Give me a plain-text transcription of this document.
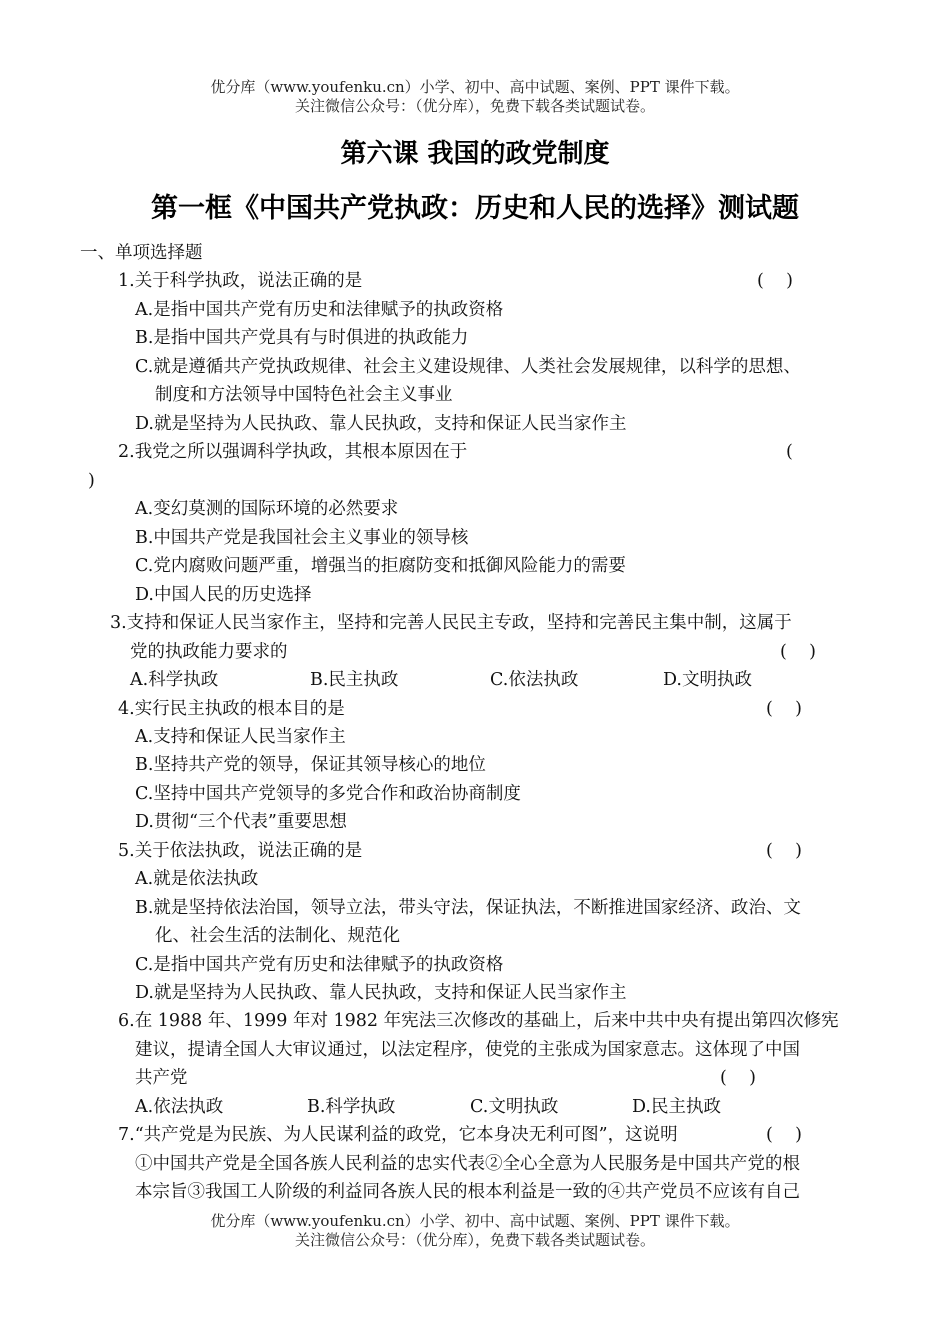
优分库（www.youfenku.cn）小学、初中、高中试题、案例、PPT 课件下载。
关注微信公众号：（优分库），免费下载各类试题试卷。
第六课 我国的政党制度
第一框《中国共产党执政：历史和人民的选择》测试题
一、单项选择题
1.关于科学执政，说法正确的是	(    )
A.是指中国共产党有历史和法律赋予的执政资格
B.是指中国共产党具有与时俱进的执政能力
C.就是遵循共产党执政规律、社会主义建设规律、人类社会发展规律，以科学的思想、
制度和方法领导中国特色社会主义事业
D.就是坚持为人民执政、靠人民执政，支持和保证人民当家作主
2.我党之所以强调科学执政，其根本原因在于	(
)
A.变幻莫测的国际环境的必然要求
B.中国共产党是我国社会主义事业的领导核
C.党内腐败问题严重，增强当的拒腐防变和抵御风险能力的需要
D.中国人民的历史选择
3.支持和保证人民当家作主，坚持和完善人民民主专政，坚持和完善民主集中制，这属于
党的执政能力要求的	(    )
A.科学执政	B.民主执政	C.依法执政	D.文明执政
4.实行民主执政的根本目的是	(    )
A.支持和保证人民当家作主
B.坚持共产党的领导，保证其领导核心的地位
C.坚持中国共产党领导的多党合作和政治协商制度
D.贯彻“三个代表”重要思想
5.关于依法执政，说法正确的是	(    )
A.就是依法执政
B.就是坚持依法治国，领导立法，带头守法，保证执法，不断推进国家经济、政治、文
化、社会生活的法制化、规范化
C.是指中国共产党有历史和法律赋予的执政资格
D.就是坚持为人民执政、靠人民执政，支持和保证人民当家作主
6.在 1988 年、1999 年对 1982 年宪法三次修改的基础上，后来中共中央有提出第四次修宪
建议，提请全国人大审议通过，以法定程序，使党的主张成为国家意志。这体现了中国
共产党	(    )
A.依法执政	B.科学执政	C.文明执政	D.民主执政
7.“共产党是为民族、为人民谋利益的政党，它本身决无利可图”，这说明	(    )
①中国共产党是全国各族人民利益的忠实代表②全心全意为人民服务是中国共产党的根
本宗旨③我国工人阶级的利益同各族人民的根本利益是一致的④共产党员不应该有自己
优分库（www.youfenku.cn）小学、初中、高中试题、案例、PPT 课件下载。
关注微信公众号：（优分库），免费下载各类试题试卷。
